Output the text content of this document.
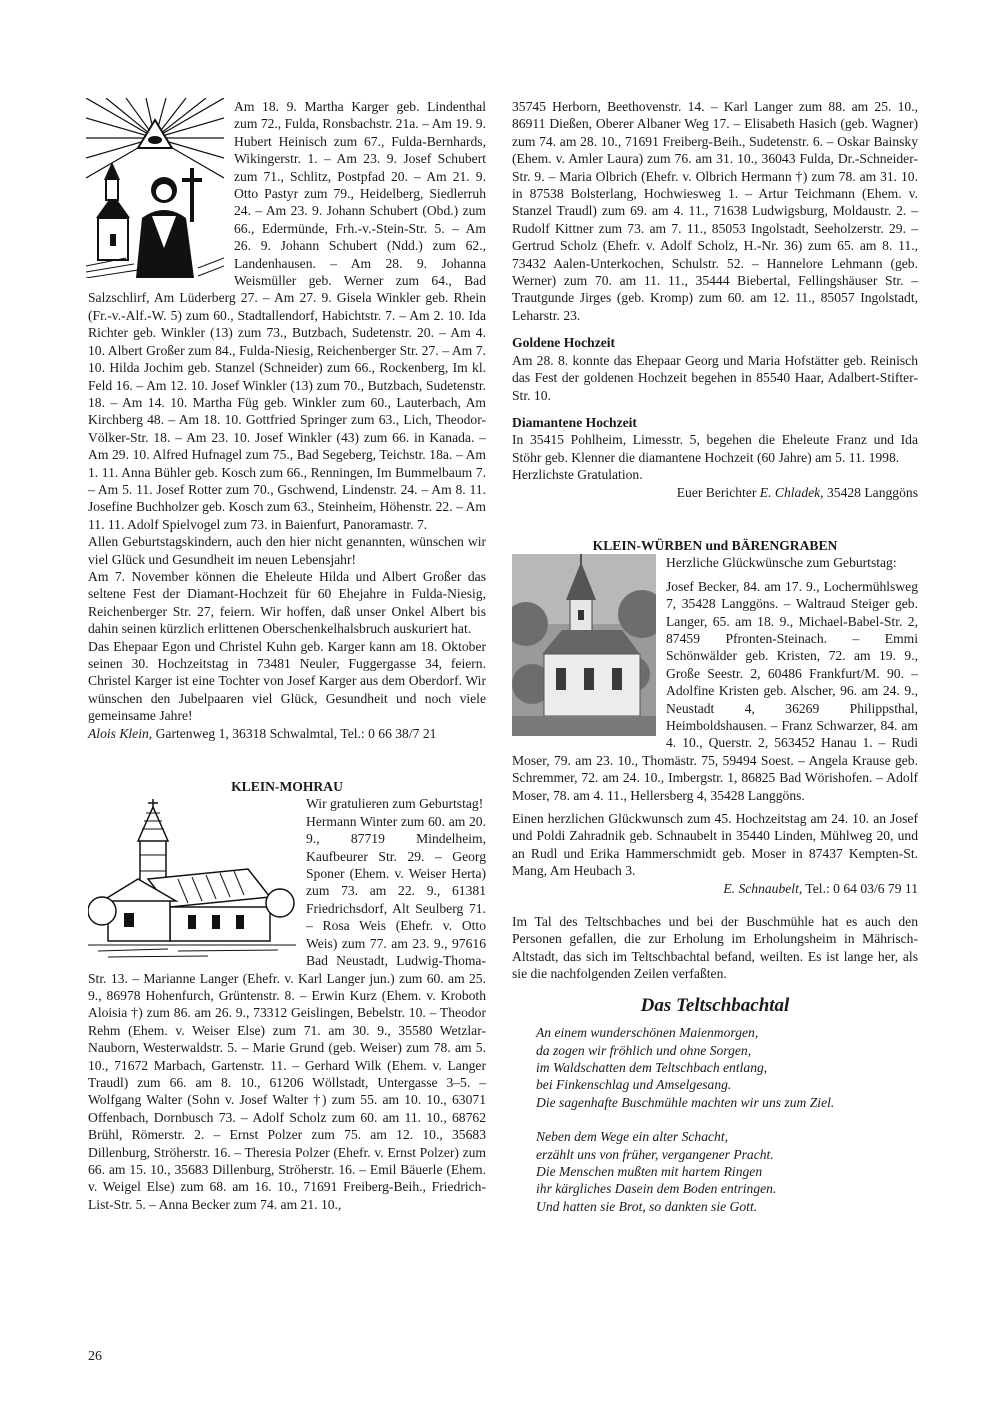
Am 18. 9. Martha Karger geb. Lindenthal zum 72., Fulda, Ronsbachstr. 21a. – Am 19. 9. Hubert Heinisch zum 67., Fulda-Bernhards, Wikingerstr. 1. – Am 23. 9. Josef Schubert zum 71., Schlitz, Postpfad 20. – Am 21. 9. Otto Pastyr zum 79., Heidelberg, Siedlerruh 24. – Am 23. 9. Johann Schubert (Obd.) zum 66., Edermünde, Frh.-v.-Stein-Str. 5. – Am 26. 9. Johann Schubert (Ndd.) zum 62., Landenhausen. – Am 28. 9. Johanna Weismüller geb. Werner zum 64., Bad Salzschlirf, Am Lüderberg 27. – Am 27. 9. Gisela Winkler geb. Rhein (Fr.-v.-Alf.-W. 5) zum 60., Stadtallendorf, Habichtstr. 7. – Am 2. 10. Ida Richter geb. Winkler (13) zum 73., Butzbach, Sudetenstr. 20. – Am 4. 10. Albert Großer zum 84., Fulda-Niesig, Reichenberger Str. 27. – Am 7. 10. Hilda Jochim geb. Stanzel (Schneider) zum 66., Rockenberg, Im kl. Feld 16. – Am 12. 10. Josef Winkler (13) zum 70., Butzbach, Sudetenstr. 18. – Am 14. 10. Martha Füg geb. Winkler zum 60., Lauterbach, Am Kirchberg 48. – Am 18. 10. Gottfried Springer zum 63., Lich, Theodor-Völker-Str. 18. – Am 23. 10. Josef Winkler (43) zum 66. in Kanada. – Am 29. 10. Alfred Hufnagel zum 75., Bad Segeberg, Teichstr. 18a. – Am 1. 11. Anna Bühler geb. Kosch zum 66., Renningen, Im Bummelbaum 7. – Am 5. 11. Josef Rotter zum 70., Gschwend, Lindenstr. 24. – Am 8. 11. Josefine Buchholzer geb. Kosch zum 63., Steinheim, Höhenstr. 22. – Am 11. 11. Adolf Spielvogel zum 73. in Baienfurt, Panoramastr. 7.

Allen Geburtstagskindern, auch den hier nicht genannten, wünschen wir viel Glück und Gesundheit im neuen Lebensjahr!

Am 7. November können die Eheleute Hilda und Albert Großer das seltene Fest der Diamant-Hochzeit für 60 Ehejahre in Fulda-Niesig, Reichenberger Str. 27, feiern. Wir hoffen, daß unser Onkel Albert bis dahin seinen kürzlich erlittenen Oberschenkelhalsbruch auskuriert hat.

Das Ehepaar Egon und Christel Kuhn geb. Karger kann am 18. Oktober seinen 30. Hochzeitstag in 73481 Neuler, Fuggergasse 34, feiern. Christel Karger ist eine Tochter von Josef Karger aus dem Oberdorf. Wir wünschen den Jubelpaaren viel Glück, Gesundheit und noch viele gemeinsame Jahre!

Alois Klein, Gartenweg 1, 36318 Schwalmtal, Tel.: 0 66 38/7 21

KLEIN-MOHRAU

Wir gratulieren zum Geburtstag!

Hermann Winter zum 60. am 20. 9., 87719 Mindelheim, Kaufbeurer Str. 29. – Georg Sponer (Ehem. v. Weiser Herta) zum 73. am 22. 9., 61381 Friedrichsdorf, Alt Seulberg 71. – Rosa Weis (Ehefr. v. Otto Weis) zum 77. am 23. 9., 97616 Bad Neustadt, Ludwig-Thoma-Str. 13. – Marianne Langer (Ehefr. v. Karl Langer jun.) zum 60. am 25. 9., 86978 Hohenfurch, Grüntenstr. 8. – Erwin Kurz (Ehem. v. Kroboth Aloisia †) zum 86. am 26. 9., 73312 Geislingen, Bebelstr. 10. – Theodor Rehm (Ehem. v. Weiser Else) zum 71. am 30. 9., 35580 Wetzlar-Nauborn, Westerwaldstr. 5. – Marie Grund (geb. Weiser) zum 78. am 5. 10., 71672 Marbach, Gartenstr. 11. – Gerhard Wilk (Ehem. v. Langer Traudl) zum 66. am 8. 10., 61206 Wöllstadt, Untergasse 3–5. – Wolfgang Walter (Sohn v. Josef Walter †) zum 55. am 10. 10., 63071 Offenbach, Dornbusch 73. – Adolf Scholz zum 60. am 11. 10., 68762 Brühl, Römerstr. 2. – Ernst Polzer zum 75. am 12. 10., 35683 Dillenburg, Ströherstr. 16. – Theresia Polzer (Ehefr. v. Ernst Polzer) zum 66. am 15. 10., 35683 Dillenburg, Ströherstr. 16. – Emil Bäuerle (Ehem. v. Weigel Else) zum 68. am 16. 10., 71691 Freiberg-Beih., Friedrich-List-Str. 5. – Anna Becker zum 74. am 21. 10.,

35745 Herborn, Beethovenstr. 14. – Karl Langer zum 88. am 25. 10., 86911 Dießen, Oberer Albaner Weg 17. – Elisabeth Hasich (geb. Wagner) zum 74. am 28. 10., 71691 Freiberg-Beih., Sudetenstr. 6. – Oskar Bainsky (Ehem. v. Amler Laura) zum 76. am 31. 10., 36043 Fulda, Dr.-Schneider-Str. 9. – Maria Olbrich (Ehefr. v. Olbrich Hermann †) zum 78. am 31. 10. in 87538 Bolsterlang, Hochwiesweg 1. – Artur Teichmann (Ehem. v. Stanzel Traudl) zum 69. am 4. 11., 71638 Ludwigsburg, Moldaustr. 2. – Rudolf Kittner zum 73. am 7. 11., 85053 Ingolstadt, Seeholzerstr. 29. – Gertrud Scholz (Ehefr. v. Adolf Scholz, H.-Nr. 36) zum 65. am 8. 11., 73432 Aalen-Unterkochen, Schulstr. 52. – Hannelore Lehmann (geb. Werner) zum 70. am 11. 11., 35444 Biebertal, Fellingshäuser Str. – Trautgunde Jirges (geb. Kromp) zum 60. am 12. 11., 85057 Ingolstadt, Leharstr. 23.

Goldene Hochzeit

Am 28. 8. konnte das Ehepaar Georg und Maria Hofstätter geb. Reinisch das Fest der goldenen Hochzeit begehen in 85540 Haar, Adalbert-Stifter-Str. 10.

Diamantene Hochzeit

In 35415 Pohlheim, Limesstr. 5, begehen die Eheleute Franz und Ida Stöhr geb. Klenner die diamantene Hochzeit (60 Jahre) am 5. 11. 1998.

Herzlichste Gratulation.

Euer Berichter E. Chladek, 35428 Langgöns

KLEIN-WÜRBEN und BÄRENGRABEN

Herzliche Glückwünsche zum Geburtstag:

Josef Becker, 84. am 17. 9., Lochermühlsweg 7, 35428 Langgöns. – Waltraud Steiger geb. Langer, 65. am 18. 9., Michael-Babel-Str. 2, 87459 Pfronten-Steinach. – Emmi Schönwälder geb. Kristen, 72. am 19. 9., Große Seestr. 2, 60486 Frankfurt/M. 90. – Adolfine Kristen geb. Alscher, 96. am 24. 9., Neustadt 4, 36269 Philippsthal, Heimboldshausen. – Franz Schwarzer, 84. am 4. 10., Querstr. 2, 563452 Hanau 1. – Rudi Moser, 79. am 23. 10., Thomästr. 75, 59494 Soest. – Angela Krause geb. Schremmer, 72. am 24. 10., Imbergstr. 1, 86825 Bad Wörishofen. – Adolf Moser, 78. am 4. 11., Hellersberg 4, 35428 Langgöns.

Einen herzlichen Glückwunsch zum 45. Hochzeitstag am 24. 10. an Josef und Poldi Zahradnik geb. Schnaubelt in 35440 Linden, Mühlweg 20, und an Rudl und Erika Hammerschmidt geb. Moser in 87437 Kempten-St. Mang, Am Heubach 3.

E. Schnaubelt, Tel.: 0 64 03/6 79 11

Im Tal des Teltschbaches und bei der Buschmühle hat es auch den Personen gefallen, die zur Erholung im Erholungsheim in Mährisch-Altstadt, das sich im Teltschbachtal befand, weilten. Es ist lange her, als sie die nachfolgenden Zeilen verfaßten.

Das Teltschbachtal

An einem wunderschönen Maienmorgen,
da zogen wir fröhlich und ohne Sorgen,
im Waldschatten dem Teltschbach entlang,
bei Finkenschlag und Amselgesang.
Die sagenhafte Buschmühle machten wir uns zum Ziel.
Neben dem Wege ein alter Schacht,
erzählt uns von früher, vergangener Pracht.
Die Menschen mußten mit hartem Ringen
ihr kärgliches Dasein dem Boden entringen.
Und hatten sie Brot, so dankten sie Gott.
26
